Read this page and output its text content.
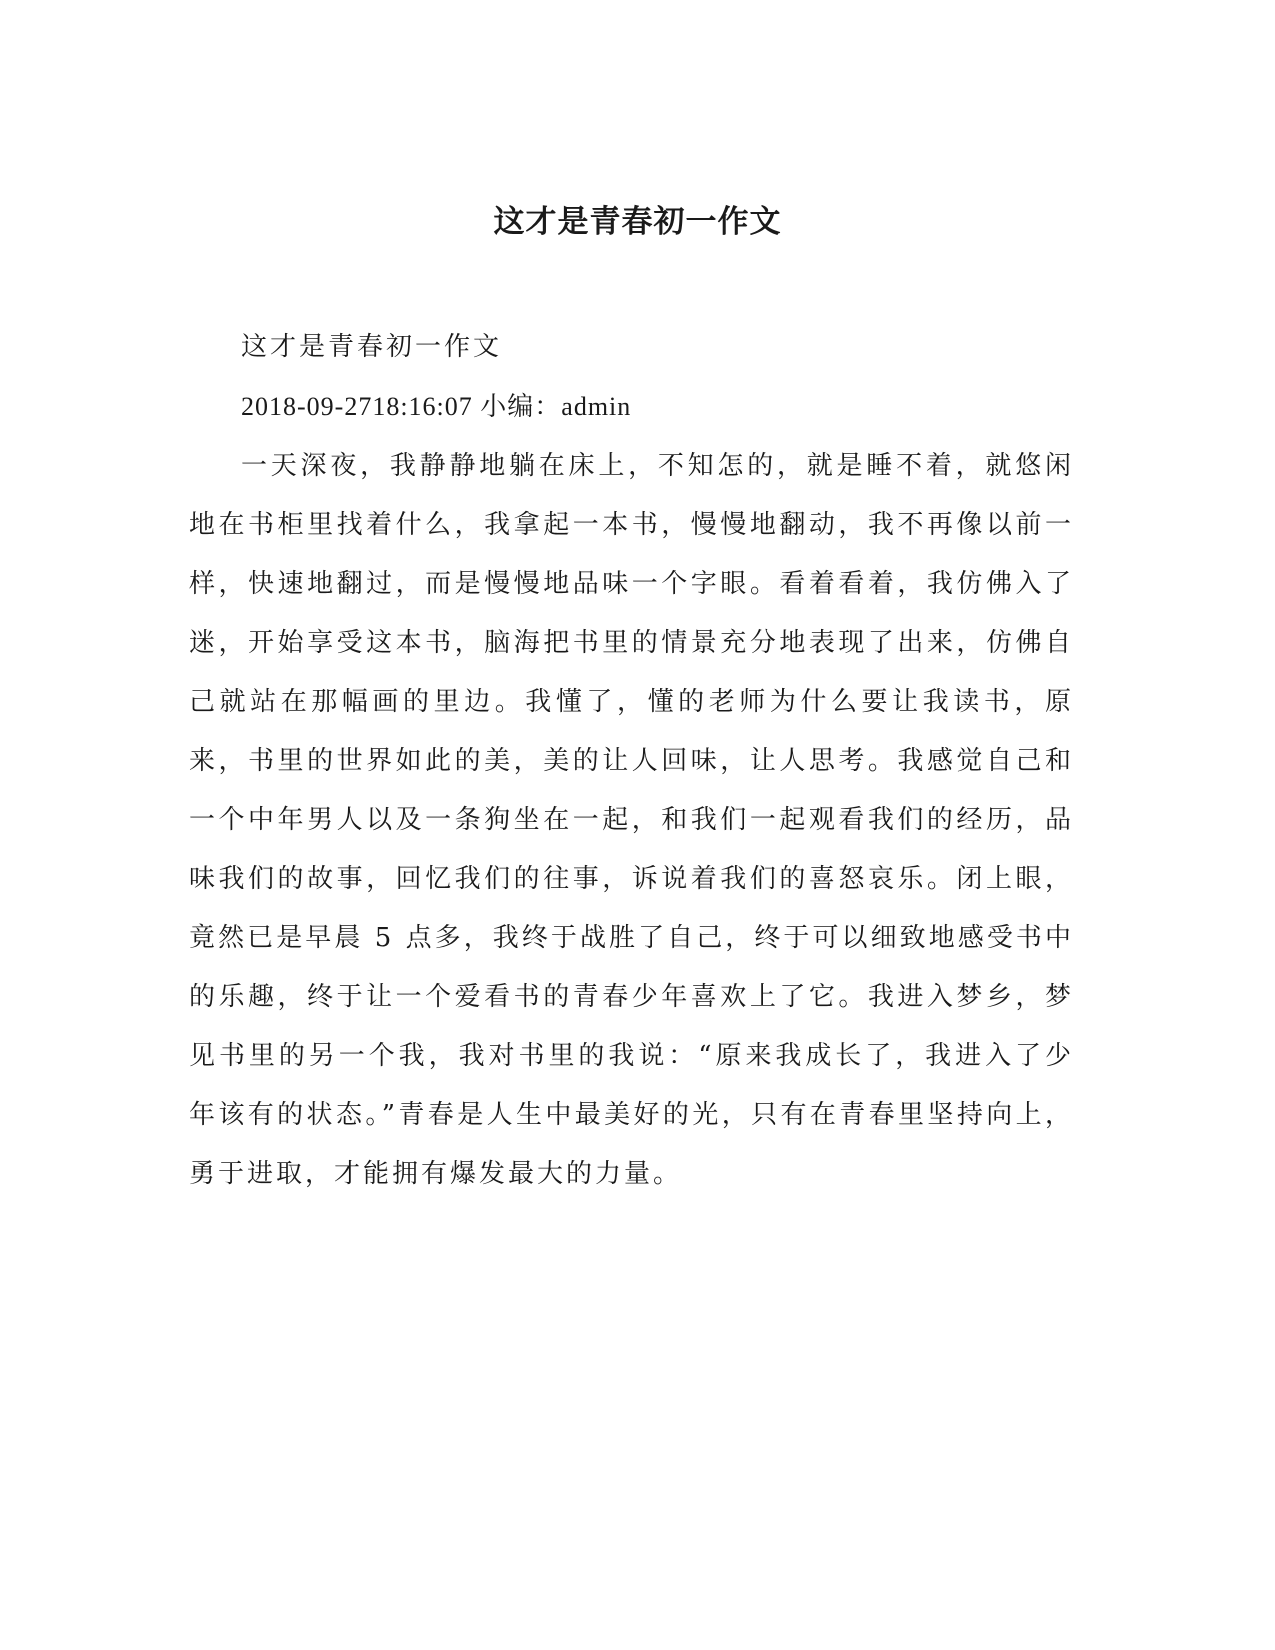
这才是青春初一作文

这才是青春初一作文

2018-09-2718:16:07 小编：admin

一天深夜，我静静地躺在床上，不知怎的，就是睡不着，就悠闲地在书柜里找着什么，我拿起一本书，慢慢地翻动，我不再像以前一样，快速地翻过，而是慢慢地品味一个字眼。看着看着，我仿佛入了迷，开始享受这本书，脑海把书里的情景充分地表现了出来，仿佛自己就站在那幅画的里边。我懂了，懂的老师为什么要让我读书，原来，书里的世界如此的美，美的让人回味，让人思考。我感觉自己和一个中年男人以及一条狗坐在一起，和我们一起观看我们的经历，品味我们的故事，回忆我们的往事，诉说着我们的喜怒哀乐。闭上眼，竟然已是早晨 5 点多，我终于战胜了自己，终于可以细致地感受书中的乐趣，终于让一个爱看书的青春少年喜欢上了它。我进入梦乡，梦见书里的另一个我，我对书里的我说：“原来我成长了，我进入了少年该有的状态。”青春是人生中最美好的光，只有在青春里坚持向上，勇于进取，才能拥有爆发最大的力量。
